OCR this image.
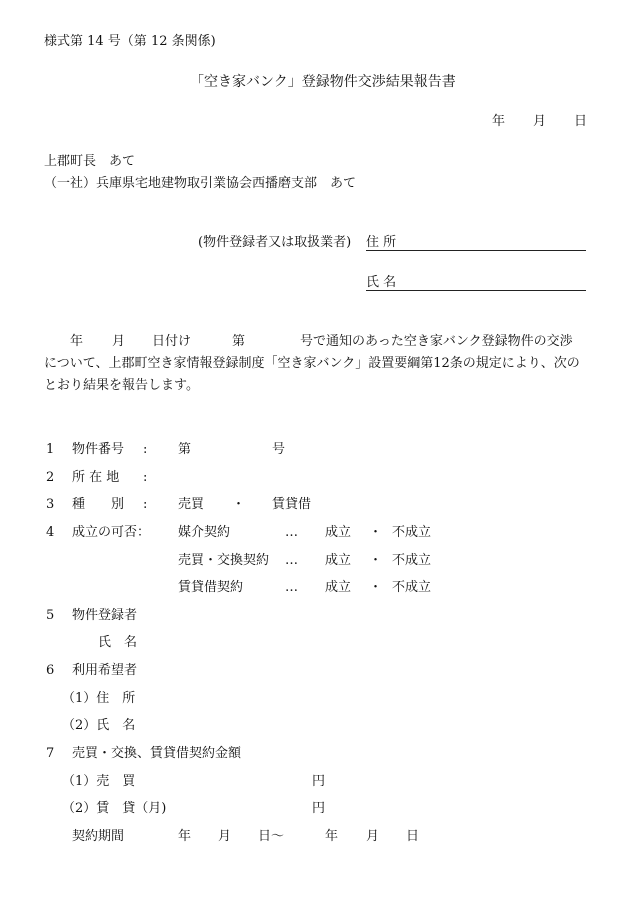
様式第 14 号（第 12 条関係)
「空き家バンク」登録物件交渉結果報告書
年 月 日
上郡町長　あて
（一社）兵庫県宅地建物取引業協会西播磨支部　あて
(物件登録者又は取扱業者) 住 所
氏 名
年 月 日付け	第	号で通知のあった空き家バンク登録物件の交渉
について、上郡町空き家情報登録制度「空き家バンク」設置要綱第12条の規定により、次の
とおり結果を報告します。
1 物件番号 : 第	号
2 所 在 地 :
3 種　　別 : 売買 ・ 賃貸借
4 成立の可否： 媒介契約	… 成立 ・ 不成立
売買・交換契約 … 成立 ・ 不成立
賃貸借契約	… 成立 ・ 不成立
5 物件登録者
氏　名
6 利用希望者
（1）住　所
（2）氏　名
7 売買・交換、賃貸借契約金額
（1）売　買	円
（2）賃　貸（月)	円
契約期間	年 月 日〜	年 月 日
